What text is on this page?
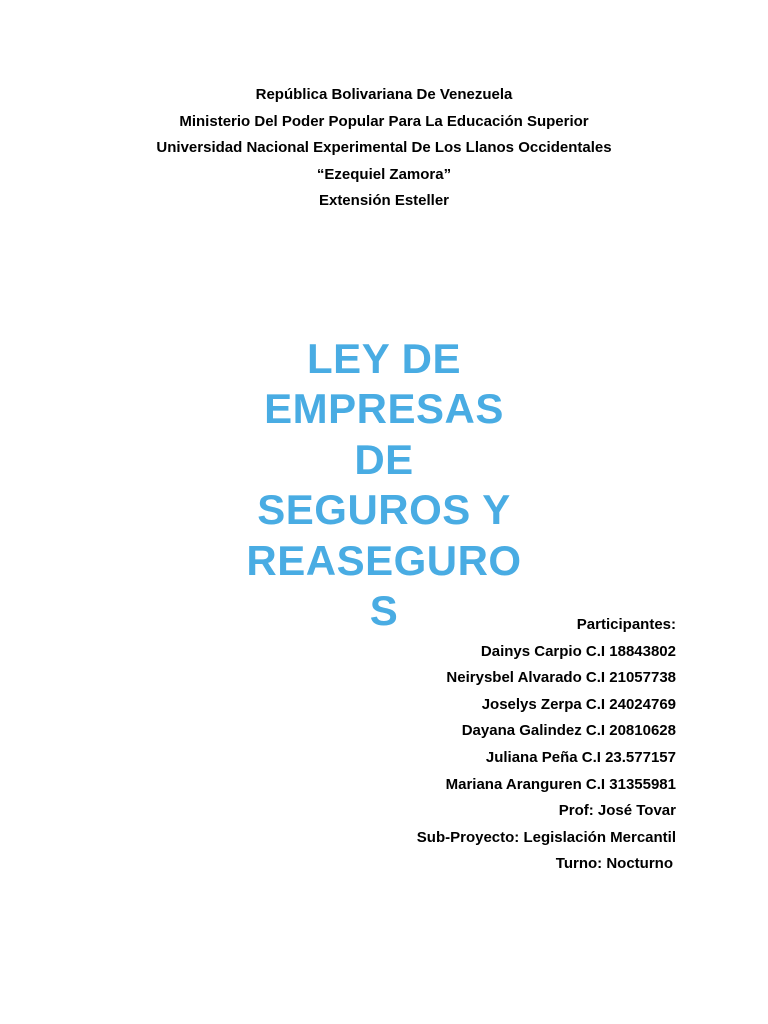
República Bolivariana De Venezuela
Ministerio Del Poder Popular Para La Educación Superior
Universidad Nacional Experimental De Los Llanos Occidentales
“Ezequiel Zamora”
Extensión Esteller
LEY DE
EMPRESAS
DE
SEGUROS Y
REASEGURO
S	Participantes:
Dainys Carpio C.I 18843802
Neirysbel Alvarado C.I 21057738
Joselys Zerpa C.I 24024769
Dayana Galindez C.I 20810628
Juliana Peña C.I 23.577157
Mariana Aranguren C.I 31355981
Prof: José Tovar
Sub-Proyecto: Legislación Mercantil
Turno: Nocturno
